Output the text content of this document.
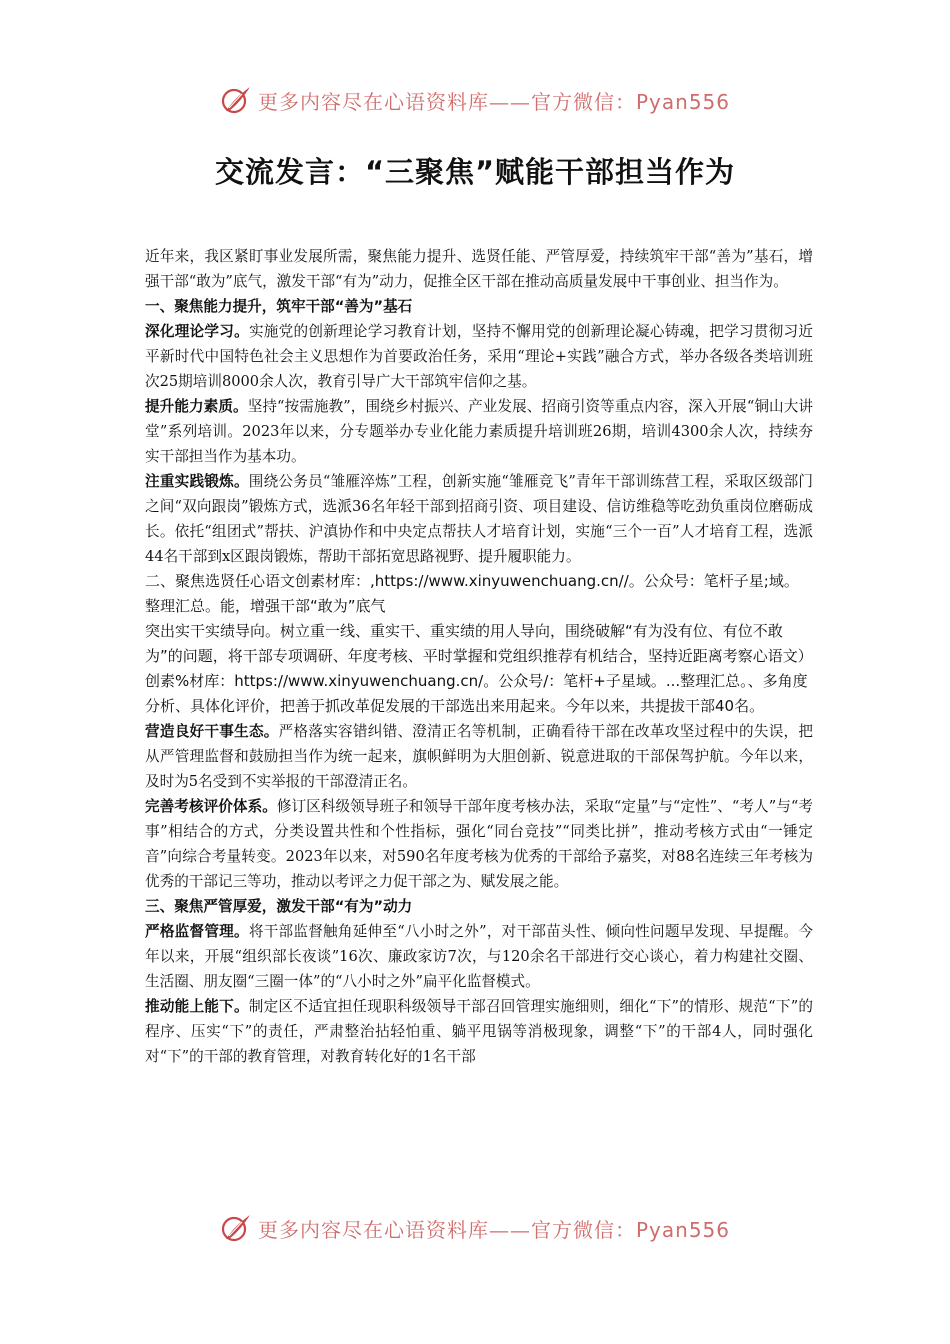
更多内容尽在心语资料库——官方微信：Pyan556
交流发言：“三聚焦”赋能干部担当作为

近年来，我区紧盯事业发展所需，聚焦能力提升、选贤任能、严管厚爱，持续筑牢干部“善为”基石，增强干部“敢为”底气，激发干部“有为”动力，促推全区干部在推动高质量发展中干事创业、担当作为。

一、聚焦能力提升，筑牢干部“善为”基石

深化理论学习。实施党的创新理论学习教育计划，坚持不懈用党的创新理论凝心铸魂，把学习贯彻习近平新时代中国特色社会主义思想作为首要政治任务，采用“理论+实践”融合方式，举办各级各类培训班次25期培训8000余人次，教育引导广大干部筑牢信仰之基。

提升能力素质。坚持“按需施教”，围绕乡村振兴、产业发展、招商引资等重点内容，深入开展“铜山大讲堂”系列培训。2023年以来，分专题举办专业化能力素质提升培训班26期，培训4300余人次，持续夯实干部担当作为基本功。

注重实践锻炼。围绕公务员“雏雁淬炼”工程，创新实施“雏雁竞飞”青年干部训练营工程，采取区级部门之间“双向跟岗”锻炼方式，选派36名年轻干部到招商引资、项目建设、信访维稳等吃劲负重岗位磨砺成长。依托“组团式”帮扶、沪滇协作和中央定点帮扶人才培育计划，实施“三个一百”人才培育工程，选派44名干部到x区跟岗锻炼，帮助干部拓宽思路视野、提升履职能力。

二、聚焦选贤任心语文创素材库：,https://www.xinyuwenchuang.cn//。公众号：笔杆子星;域。整理汇总。能，增强干部“敢为”底气

突出实干实绩导向。树立重一线、重实干、重实绩的用人导向，围绕破解“有为没有位、有位不敢为”的问题，将干部专项调研、年度考核、平时掌握和党组织推荐有机结合，坚持近距离考察心语文）创素%材库：https://www.xinyuwenchuang.cn/。公众号/：笔杆+子星域。...整理汇总。、多角度分析、具体化评价，把善于抓改革促发展的干部选出来用起来。今年以来，共提拔干部40名。

营造良好干事生态。严格落实容错纠错、澄清正名等机制，正确看待干部在改革攻坚过程中的失误，把从严管理监督和鼓励担当作为统一起来，旗帜鲜明为大胆创新、锐意进取的干部保驾护航。今年以来，及时为5名受到不实举报的干部澄清正名。

完善考核评价体系。修订区科级领导班子和领导干部年度考核办法，采取“定量”与“定性”、“考人”与“考事”相结合的方式，分类设置共性和个性指标，强化“同台竞技”“同类比拼”，推动考核方式由“一锤定音”向综合考量转变。2023年以来，对590名年度考核为优秀的干部给予嘉奖，对88名连续三年考核为优秀的干部记三等功，推动以考评之力促干部之为、赋发展之能。

三、聚焦严管厚爱，激发干部“有为”动力

严格监督管理。将干部监督触角延伸至“八小时之外”，对干部苗头性、倾向性问题早发现、早提醒。今年以来，开展“组织部长夜谈”16次、廉政家访7次，与120余名干部进行交心谈心，着力构建社交圈、生活圈、朋友圈“三圈一体”的“八小时之外”扁平化监督模式。

推动能上能下。制定区不适宜担任现职科级领导干部召回管理实施细则，细化“下”的情形、规范“下”的程序、压实“下”的责任，严肃整治拈轻怕重、躺平甩锅等消极现象，调整“下”的干部4人，同时强化对“下”的干部的教育管理，对教育转化好的1名干部

更多内容尽在心语资料库——官方微信：Pyan556
